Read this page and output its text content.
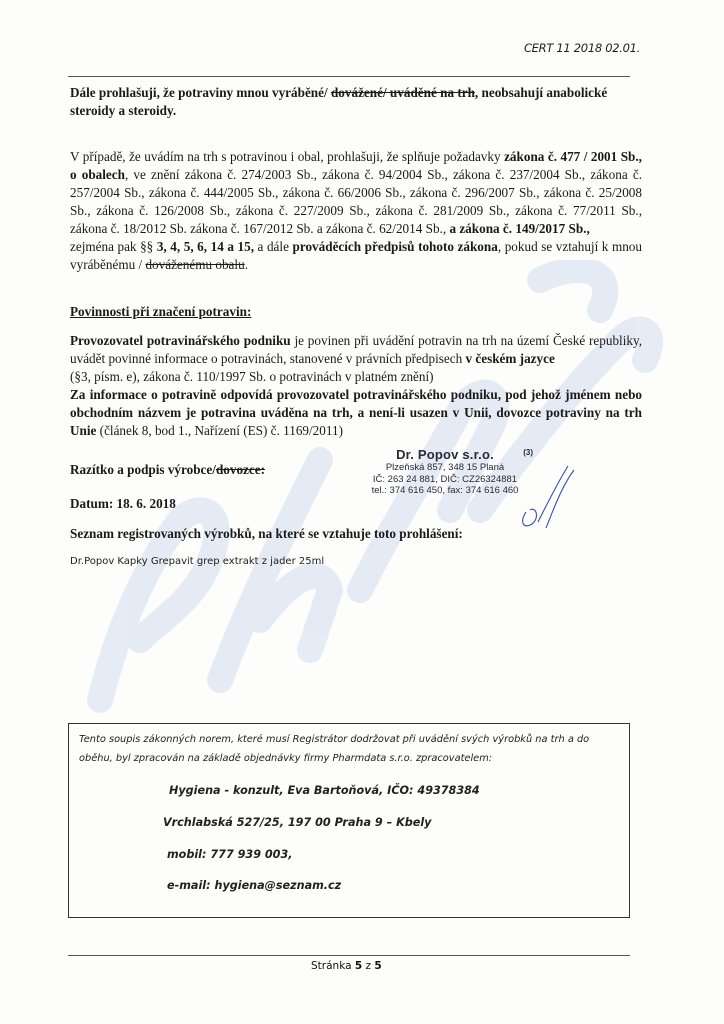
CERT 11 2018 02.01.
Dále prohlašuji, že potraviny mnou vyráběné/ dovážené/ uváděné na trh, neobsahují anabolické steroidy a steroidy.
V případě, že uvádím na trh s potravinou i obal, prohlašuji, že splňuje požadavky zákona č. 477 / 2001 Sb., o obalech, ve znění zákona č. 274/2003 Sb., zákona č. 94/2004 Sb., zákona č. 237/2004 Sb., zákona č. 257/2004 Sb., zákona č. 444/2005 Sb., zákona č. 66/2006 Sb., zákona č. 296/2007 Sb., zákona č. 25/2008 Sb., zákona č. 126/2008 Sb., zákona č. 227/2009 Sb., zákona č. 281/2009 Sb., zákona č. 77/2011 Sb., zákona č. 18/2012 Sb. zákona č. 167/2012 Sb. a zákona č. 62/2014 Sb., a zákona č. 149/2017 Sb.,
zejména pak §§ 3, 4, 5, 6, 14 a 15, a dále prováděcích předpisů tohoto zákona, pokud se vztahují k mnou vyráběnému / dováženému obalu.
Povinnosti při značení potravin:
Provozovatel potravinářského podniku je povinen při uvádění potravin na trh na území České republiky, uvádět povinné informace o potravinách, stanovené v právních předpisech v českém jazyce
(§3, písm. e), zákona č. 110/1997 Sb. o potravinách v platném znění)
Za informace o potravině odpovídá provozovatel potravinářského podniku, pod jehož jménem nebo obchodním názvem je potravina uváděna na trh, a není-li usazen v Unii, dovozce potraviny na trh Unie (článek 8, bod 1., Nařízení (ES) č. 1169/2011)
Razítko a podpis výrobce/dovozce:
Dr. Popov s.r.o.	(3)
Plzeňská 857, 348 15 Planá
IČ: 263 24 881, DIČ: CZ26324881
tel.: 374 616 450, fax: 374 616 460
Datum: 18. 6. 2018
Seznam registrovaných výrobků, na které se vztahuje toto prohlášení:
Dr.Popov Kapky Grepavit grep extrakt z jader 25ml
Tento soupis zákonných norem, které musí Registrátor dodržovat při uvádění svých výrobků na trh a do oběhu, byl zpracován na základě objednávky firmy Pharmdata s.r.o. zpracovatelem:
Hygiena - konzult, Eva Bartoňová, IČO: 49378384
Vrchlabská 527/25, 197 00 Praha 9 – Kbely
mobil: 777 939 003,
e-mail: hygiena@seznam.cz
Stránka 5 z 5
